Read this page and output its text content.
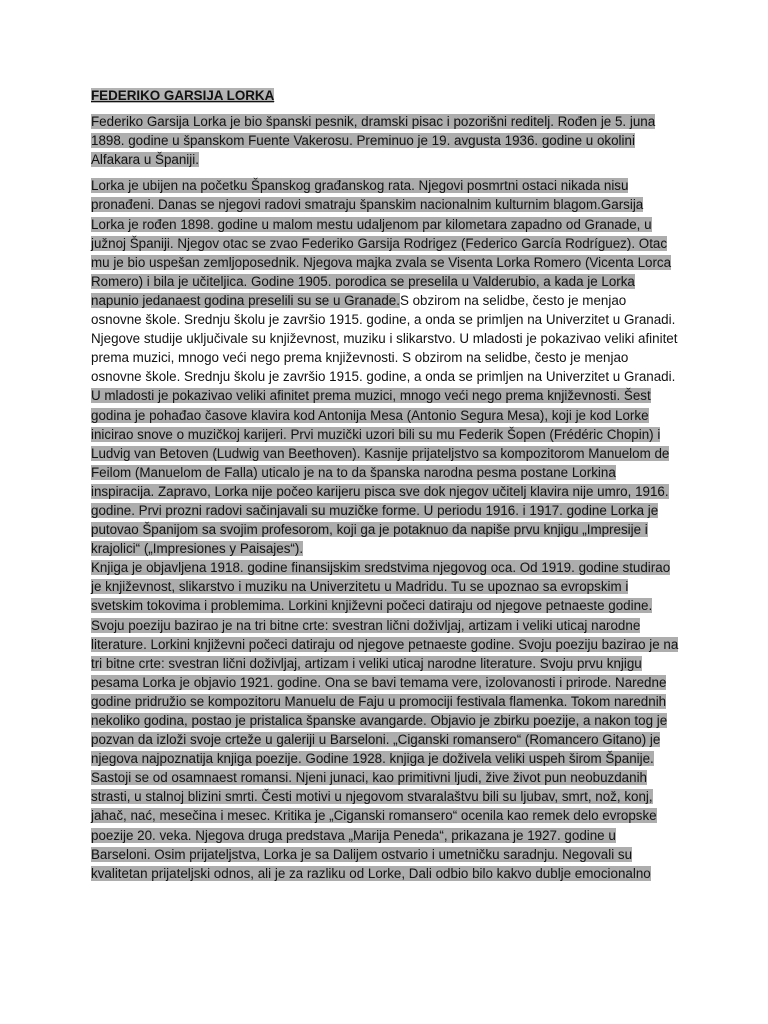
FEDERIKO GARSIJA LORKA

Federiko Garsija Lorka je bio španski pesnik, dramski pisac i pozorišni reditelj. Rođen je 5. juna 1898. godine u španskom Fuente Vakerosu. Preminuo je 19. avgusta 1936. godine u okolini Alfakara u Španiji.

Lorka je ubijen na početku Španskog građanskog rata. Njegovi posmrtni ostaci nikada nisu pronađeni. Danas se njegovi radovi smatraju španskim nacionalnim kulturnim blagom.Garsija Lorka je rođen 1898. godine u malom mestu udaljenom par kilometara zapadno od Granade, u južnoj Španiji. Njegov otac se zvao Federiko Garsija Rodrigez (Federico García Rodríguez). Otac mu je bio uspešan zemljoposednik. Njegova majka zvala se Visenta Lorka Romero (Vicenta Lorca Romero) i bila je učiteljica. Godine 1905. porodica se preselila u Valderubio, a kada je Lorka napunio jedanaest godina preselili su se u Granade.S obzirom na selidbe, često je menjao osnovne škole. Srednju školu je završio 1915. godine, a onda se primljen na Univerzitet u Granadi. Njegove studije uključivale su književnost, muziku i slikarstvo. U mladosti je pokazivao veliki afinitet prema muzici, mnogo veći nego prema književnosti. S obzirom na selidbe, često je menjao osnovne škole. Srednju školu je završio 1915. godine, a onda se primljen na Univerzitet u Granadi. U mladosti je pokazivao veliki afinitet prema muzici, mnogo veći nego prema književnosti. Šest godina je pohađao časove klavira kod Antonija Mesa (Antonio Segura Mesa), koji je kod Lorke inicirao snove o muzičkoj karijeri. Prvi muzički uzori bili su mu Federik Šopen (Frédéric Chopin) i Ludvig van Betoven (Ludwig van Beethoven). Kasnije prijateljstvo sa kompozitorom Manuelom de Feilom (Manuelom de Falla) uticalo je na to da španska narodna pesma postane Lorkina inspiracija. Zapravo, Lorka nije počeo karijeru pisca sve dok njegov učitelj klavira nije umro, 1916. godine. Prvi prozni radovi sačinjavali su muzičke forme. U periodu 1916. i 1917. godine Lorka je putovao Španijom sa svojim profesorom, koji ga je potaknuo da napiše prvu knjigu „Impresije i krajolici“ („Impresiones y Paisajes“).

Knjiga je objavljena 1918. godine finansijskim sredstvima njegovog oca. Od 1919. godine studirao je književnost, slikarstvo i muziku na Univerzitetu u Madridu. Tu se upoznao sa evropskim i svetskim tokovima i problemima. Lorkini književni počeci datiraju od njegove petnaeste godine. Svoju poeziju bazirao je na tri bitne crte: svestran lični doživljaj, artizam i veliki uticaj narodne literature. Lorkini književni počeci datiraju od njegove petnaeste godine. Svoju poeziju bazirao je na tri bitne crte: svestran lični doživljaj, artizam i veliki uticaj narodne literature. Svoju prvu knjigu pesama Lorka je objavio 1921. godine. Ona se bavi temama vere, izolovanosti i prirode. Naredne godine pridružio se kompozitoru Manuelu de Faju u promociji festivala flamenka. Tokom narednih nekoliko godina, postao je pristalica španske avangarde. Objavio je zbirku poezije, a nakon tog je pozvan da izloži svoje crteže u galeriji u Barseloni. „Ciganski romansero“ (Romancero Gitano) je njegova najpoznatija knjiga poezije. Godine 1928. knjiga je doživela veliki uspeh širom Španije. Sastoji se od osamnaest romansi. Njeni junaci, kao primitivni ljudi, žive život pun neobuzdanih strasti, u stalnoj blizini smrti. Česti motivi u njegovom stvaralaštvu bili su ljubav, smrt, nož, konj, jahač, nać, mesečina i mesec. Kritika je „Ciganski romansero“ ocenila kao remek delo evropske poezije 20. veka. Njegova druga predstava „Marija Peneda“, prikazana je 1927. godine u Barseloni. Osim prijateljstva, Lorka je sa Dalijem ostvario i umetničku saradnju. Negovali su kvalitetan prijateljski odnos, ali je za razliku od Lorke, Dali odbio bilo kakvo dublje emocionalno
